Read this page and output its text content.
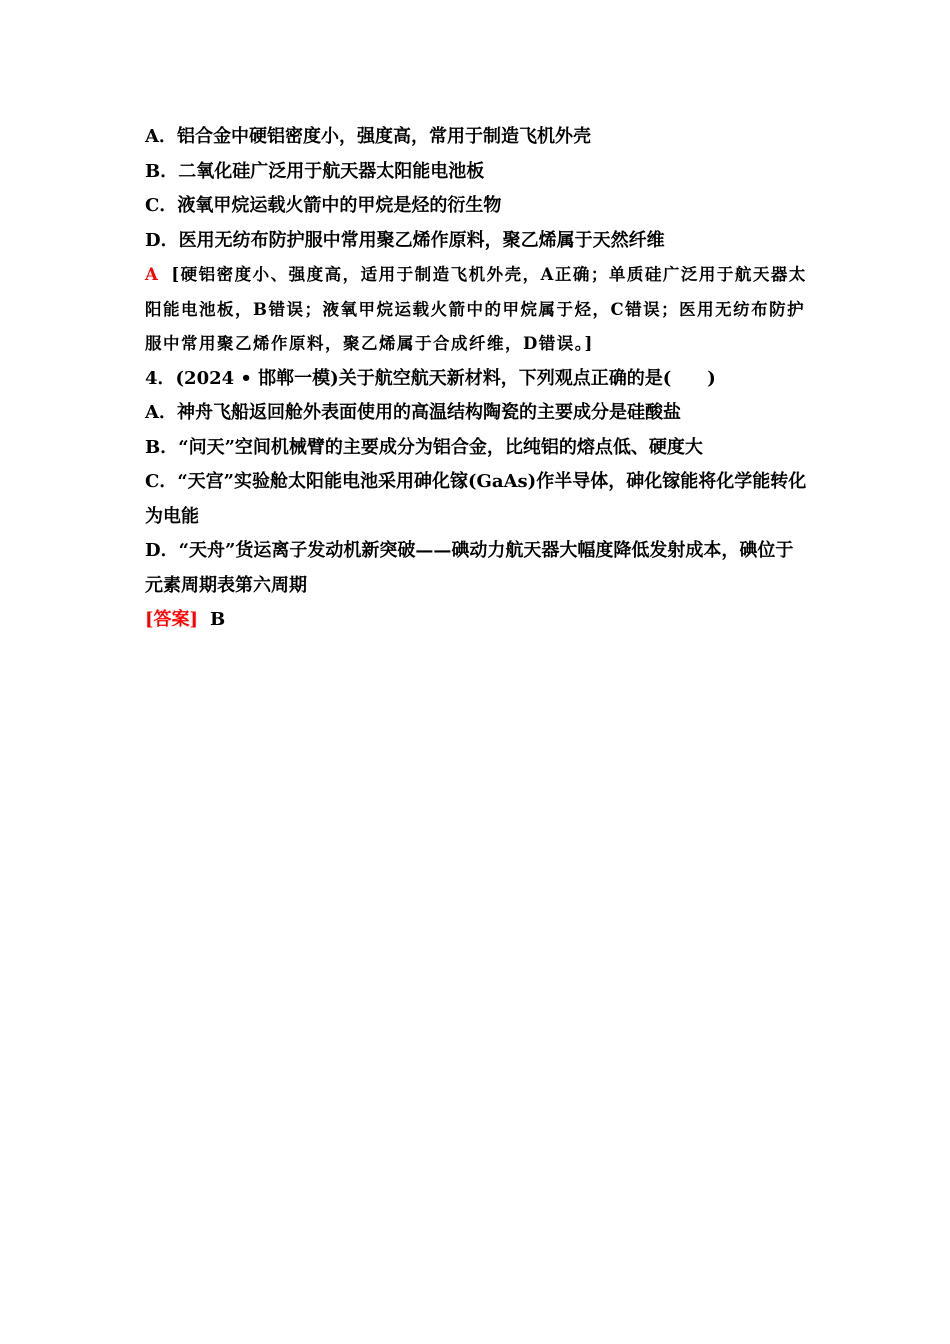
A．铝合金中硬铝密度小，强度高，常用于制造飞机外壳
B．二氧化硅广泛用于航天器太阳能电池板
C．液氧甲烷运载火箭中的甲烷是烃的衍生物
D．医用无纺布防护服中常用聚乙烯作原料，聚乙烯属于天然纤维
A [硬铝密度小、强度高，适用于制造飞机外壳，A正确；单质硅广泛用于航天器太阳能电池板，B错误；液氧甲烷运载火箭中的甲烷属于烃，C错误；医用无纺布防护服中常用聚乙烯作原料，聚乙烯属于合成纤维，D错误。]
4．(2024 • 邯郸一模)关于航空航天新材料，下列观点正确的是(　　)
A．神舟飞船返回舱外表面使用的高温结构陶瓷的主要成分是硅酸盐
B．“问天”空间机械臂的主要成分为铝合金，比纯铝的熔点低、硬度大
C．“天宫”实验舱太阳能电池采用砷化镓(GaAs)作半导体，砷化镓能将化学能转化为电能
D．“天舟”货运离子发动机新突破——碘动力航天器大幅度降低发射成本，碘位于元素周期表第六周期
[答案] B
